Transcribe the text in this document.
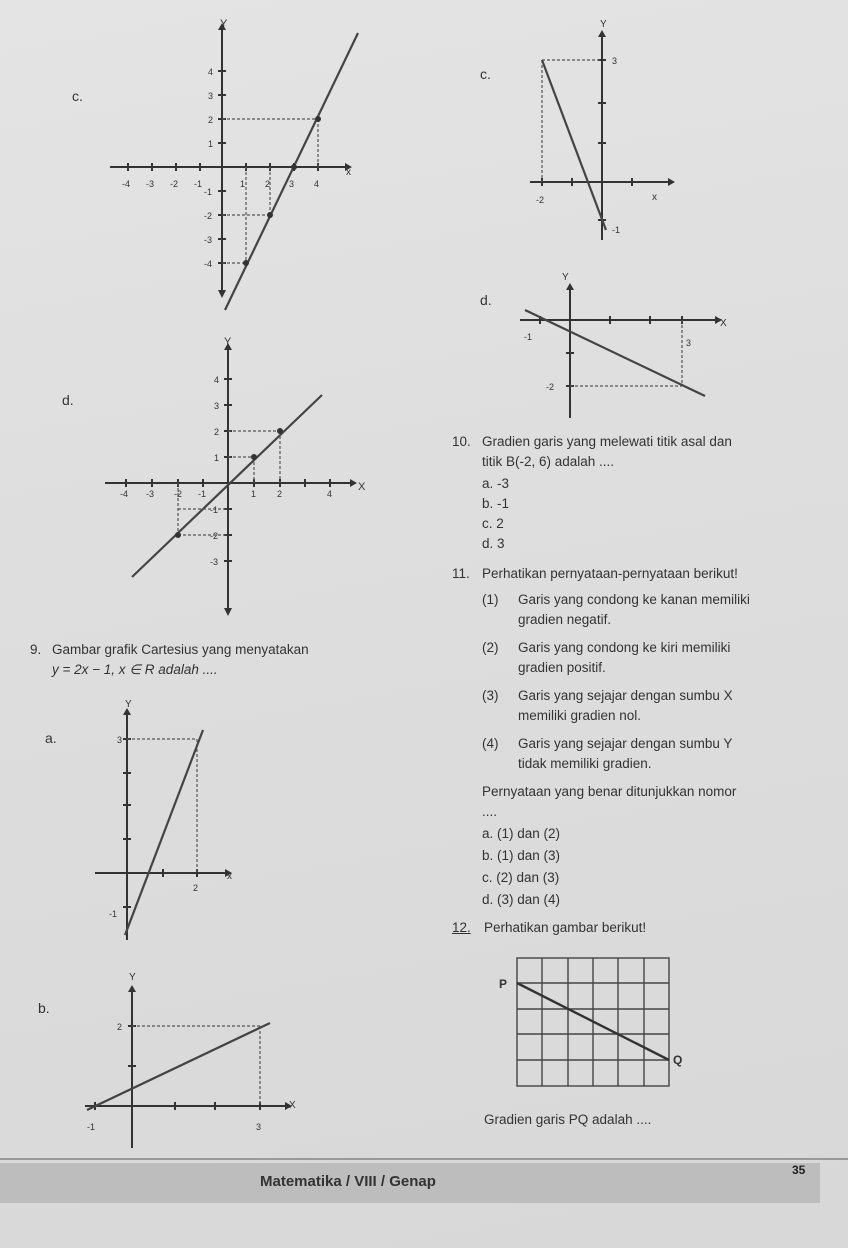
c.
Y
x
-4 -3 -2 -1	1 2 3 4
4
3
2
1
-1
-2
-3
-4
c.
Y
x
3
-2
-1
d.
Y
X
-1
3
-2
d.
Y
X
-4 -3 -2 -1	1 2	4
4
3
2
1
-1
-2
-3
9. Gambar grafik Cartesius yang menyatakan
y = 2x − 1, x ∈ R adalah ....
a.
Y
x
3
2
-1
b.
Y
X
2
-1	3
10. Gradien garis yang melewati titik asal dan
titik B(-2, 6) adalah ....
a. -3
b. -1
c. 2
d. 3
11. Perhatikan pernyataan-pernyataan berikut!
(1) Garis yang condong ke kanan memiliki
gradien negatif.
(2) Garis yang condong ke kiri memiliki
gradien positif.
(3) Garis yang sejajar dengan sumbu X
memiliki gradien nol.
(4) Garis yang sejajar dengan sumbu Y
tidak memiliki gradien.
Pernyataan yang benar ditunjukkan nomor
....
a. (1) dan (2)
b. (1) dan (3)
c. (2) dan (3)
d. (3) dan (4)
12. Perhatikan gambar berikut!
P
Q
Gradien garis PQ adalah ....
Matematika / VIII / Genap
35
